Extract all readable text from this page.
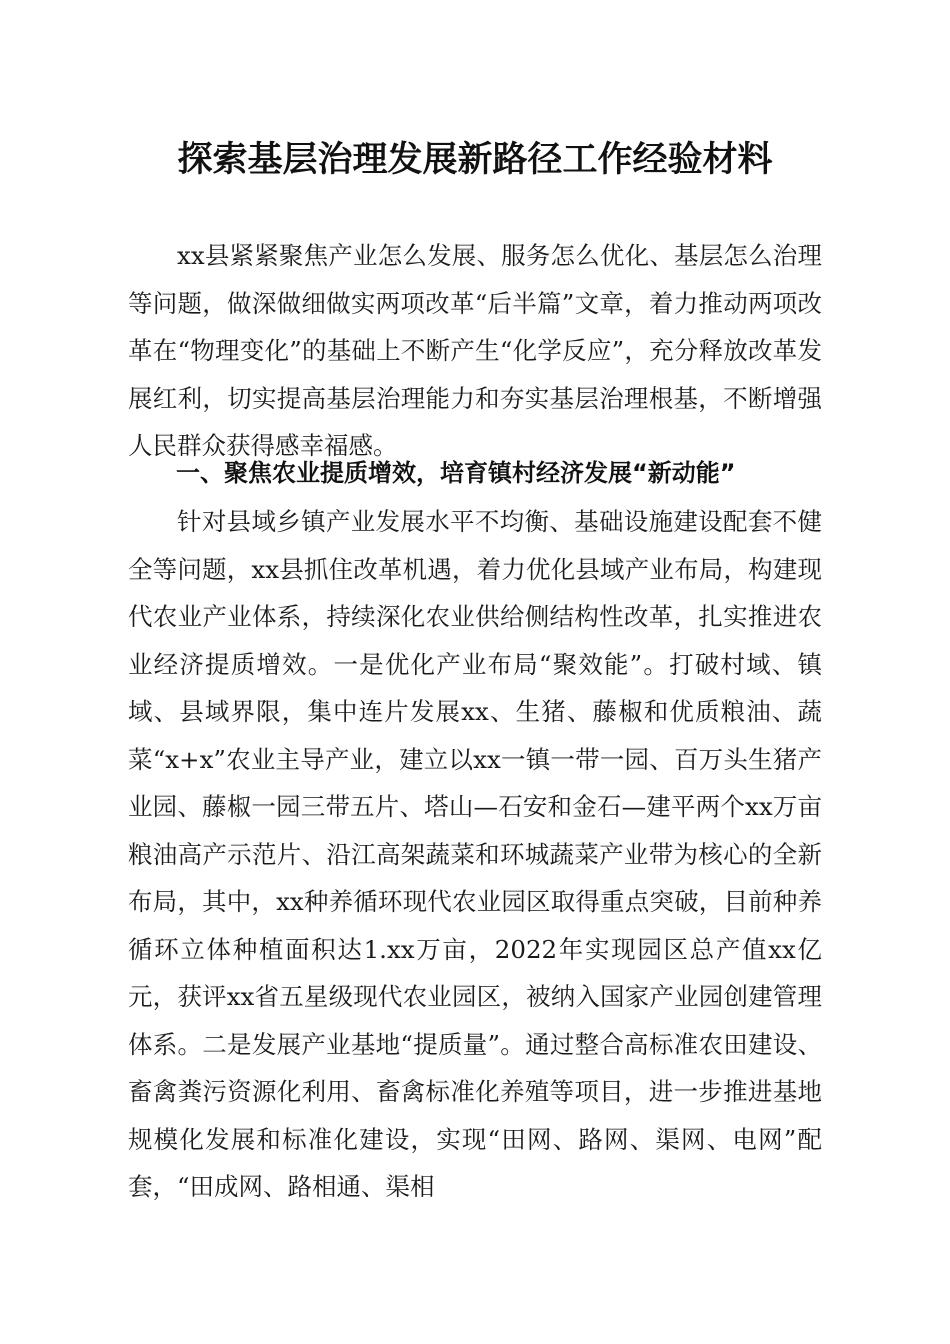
探索基层治理发展新路径工作经验材料

xx县紧紧聚焦产业怎么发展、服务怎么优化、基层怎么治理等问题，做深做细做实两项改革“后半篇”文章，着力推动两项改革在“物理变化”的基础上不断产生“化学反应”，充分释放改革发展红利，切实提高基层治理能力和夯实基层治理根基，不断增强人民群众获得感幸福感。

一、聚焦农业提质增效，培育镇村经济发展“新动能”

针对县域乡镇产业发展水平不均衡、基础设施建设配套不健全等问题，xx县抓住改革机遇，着力优化县域产业布局，构建现代农业产业体系，持续深化农业供给侧结构性改革，扎实推进农业经济提质增效。一是优化产业布局“聚效能”。打破村域、镇域、县域界限，集中连片发展xx、生猪、藤椒和优质粮油、蔬菜“x+x”农业主导产业，建立以xx一镇一带一园、百万头生猪产业园、藤椒一园三带五片、塔山—石安和金石—建平两个xx万亩粮油高产示范片、沿江高架蔬菜和环城蔬菜产业带为核心的全新布局，其中，xx种养循环现代农业园区取得重点突破，目前种养循环立体种植面积达1.xx万亩，2022年实现园区总产值xx亿元，获评xx省五星级现代农业园区，被纳入国家产业园创建管理体系。二是发展产业基地“提质量”。通过整合高标准农田建设、畜禽粪污资源化利用、畜禽标准化养殖等项目，进一步推进基地规模化发展和标准化建设，实现“田网、路网、渠网、电网”配套，“田成网、路相通、渠相
